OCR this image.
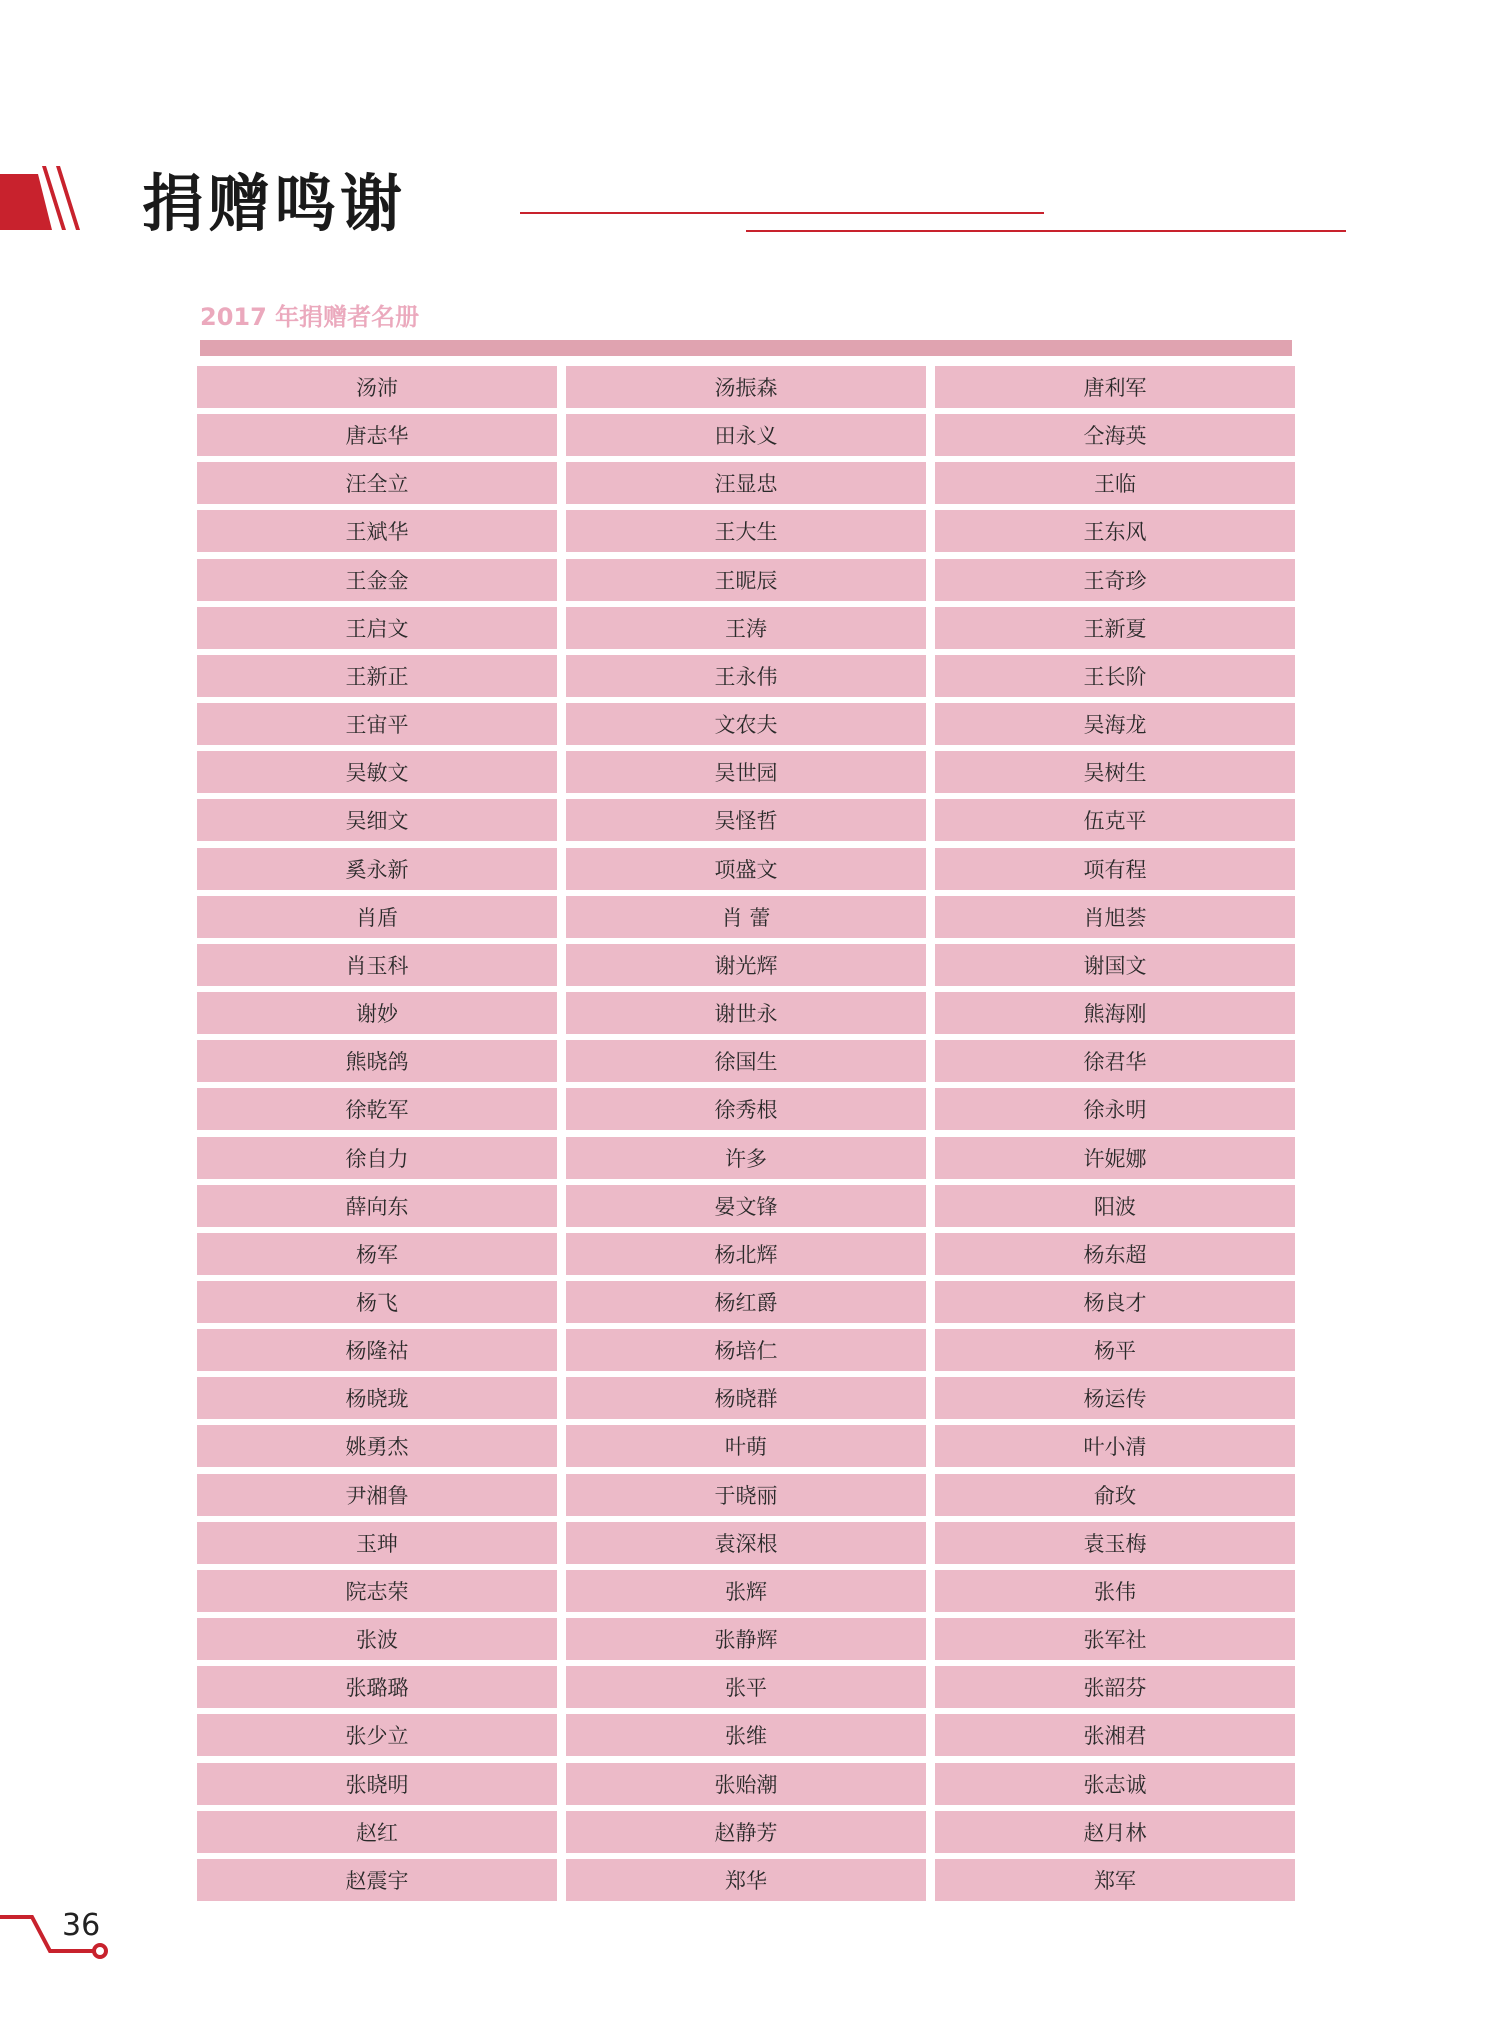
捐赠鸣谢
2017 年捐赠者名册
汤沛	汤振森	唐利军
唐志华	田永义	仝海英
汪全立	汪显忠	王临
王斌华	王大生	王东风
王金金	王昵辰	王奇珍
王启文	王涛	王新夏
王新正	王永伟	王长阶
王宙平	文农夫	吴海龙
吴敏文	吴世园	吴树生
吴细文	吴怪哲	伍克平
奚永新	项盛文	项有程
肖盾	肖 蕾	肖旭荟
肖玉科	谢光辉	谢国文
谢妙	谢世永	熊海刚
熊晓鸽	徐国生	徐君华
徐乾军	徐秀根	徐永明
徐自力	许多	许妮娜
薛向东	晏文锋	阳波
杨军	杨北辉	杨东超
杨飞	杨红爵	杨良才
杨隆祜	杨培仁	杨平
杨晓珑	杨晓群	杨运传
姚勇杰	叶萌	叶小清
尹湘鲁	于晓丽	俞玫
玉珅	袁深根	袁玉梅
院志荣	张辉	张伟
张波	张静辉	张军社
张璐璐	张平	张韶芬
张少立	张维	张湘君
张晓明	张贻潮	张志诚
赵红	赵静芳	赵月林
赵震宇	郑华	郑军
36
